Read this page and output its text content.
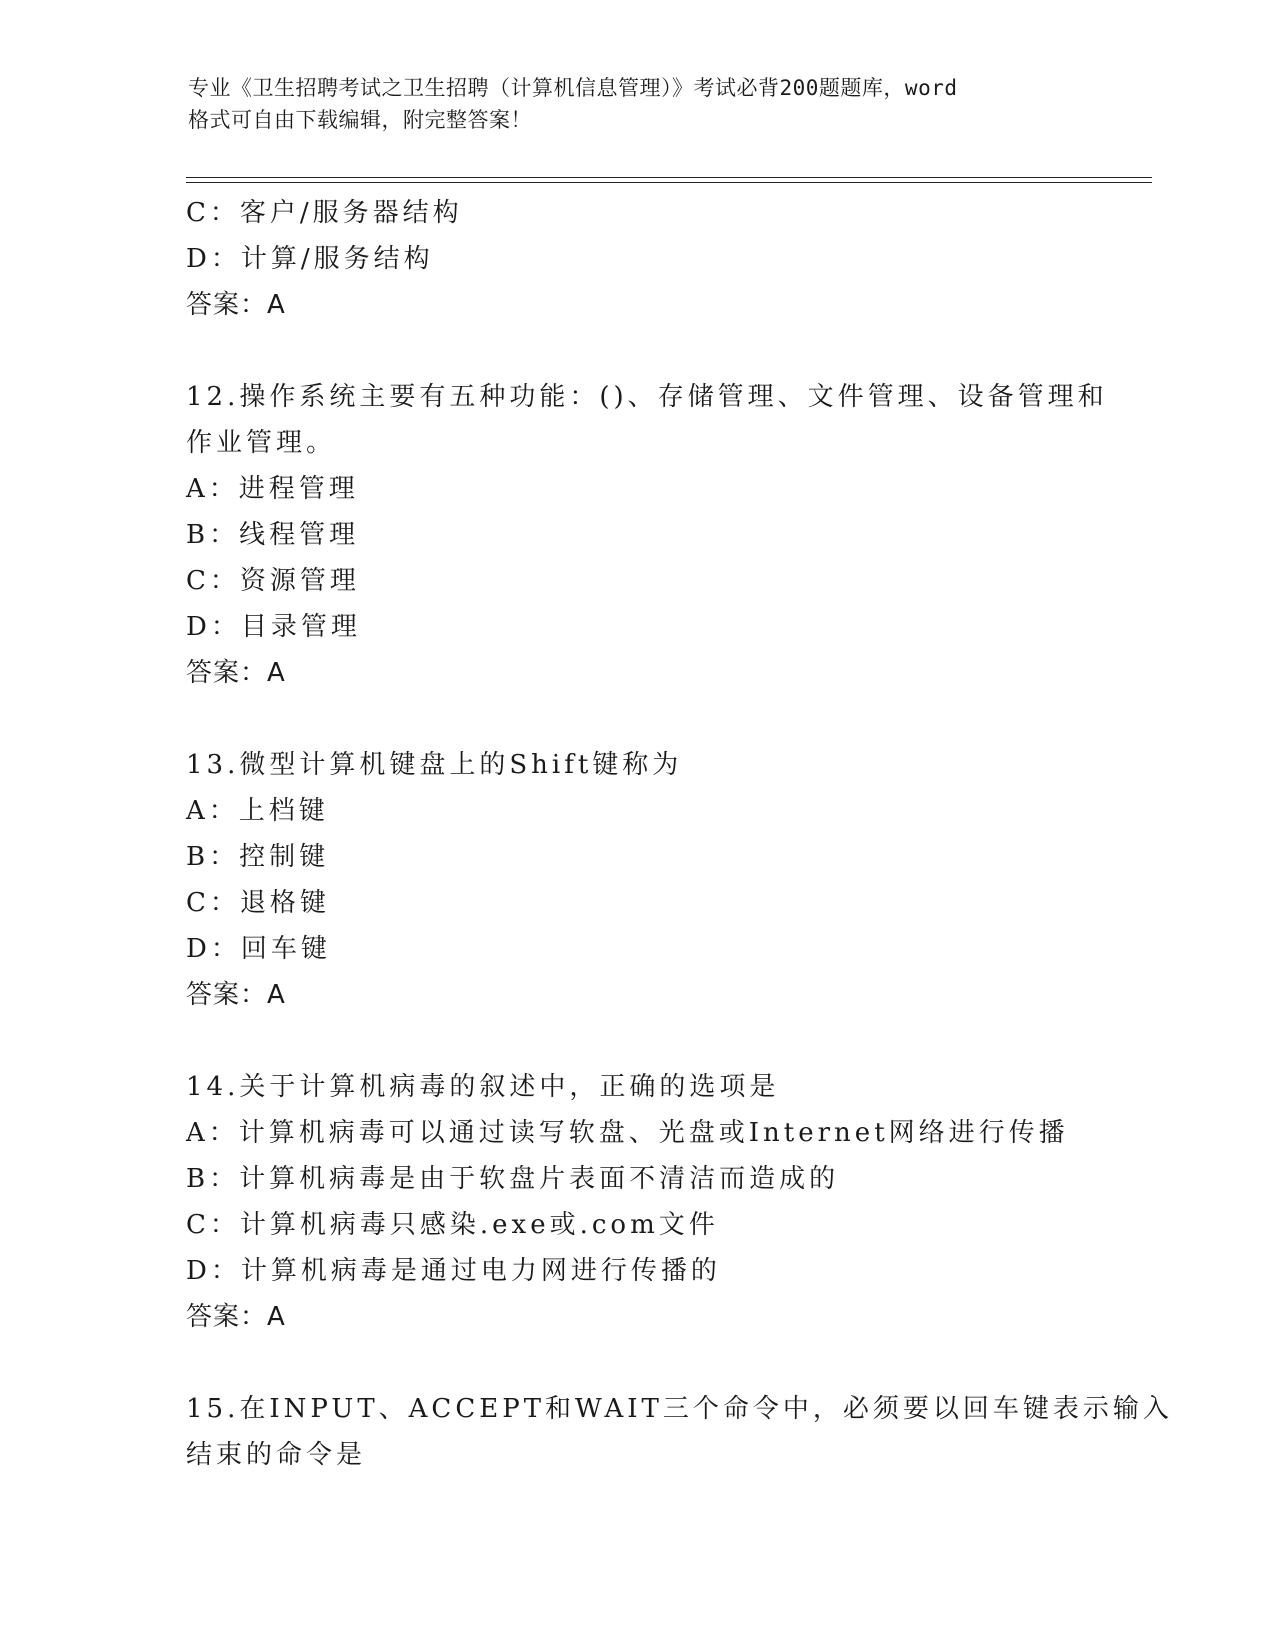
专业《卫生招聘考试之卫生招聘（计算机信息管理）》考试必背200题题库，word
格式可自由下载编辑，附完整答案！
C：客户/服务器结构
D：计算/服务结构
答案：A
12.操作系统主要有五种功能：()、存储管理、文件管理、设备管理和
作业管理。
A：进程管理
B：线程管理
C：资源管理
D：目录管理
答案：A
13.微型计算机键盘上的Shift键称为
A：上档键
B：控制键
C：退格键
D：回车键
答案：A
14.关于计算机病毒的叙述中，正确的选项是
A：计算机病毒可以通过读写软盘、光盘或Internet网络进行传播
B：计算机病毒是由于软盘片表面不清洁而造成的
C：计算机病毒只感染.exe或.com文件
D：计算机病毒是通过电力网进行传播的
答案：A
15.在INPUT、ACCEPT和WAIT三个命令中，必须要以回车键表示输入
结束的命令是
